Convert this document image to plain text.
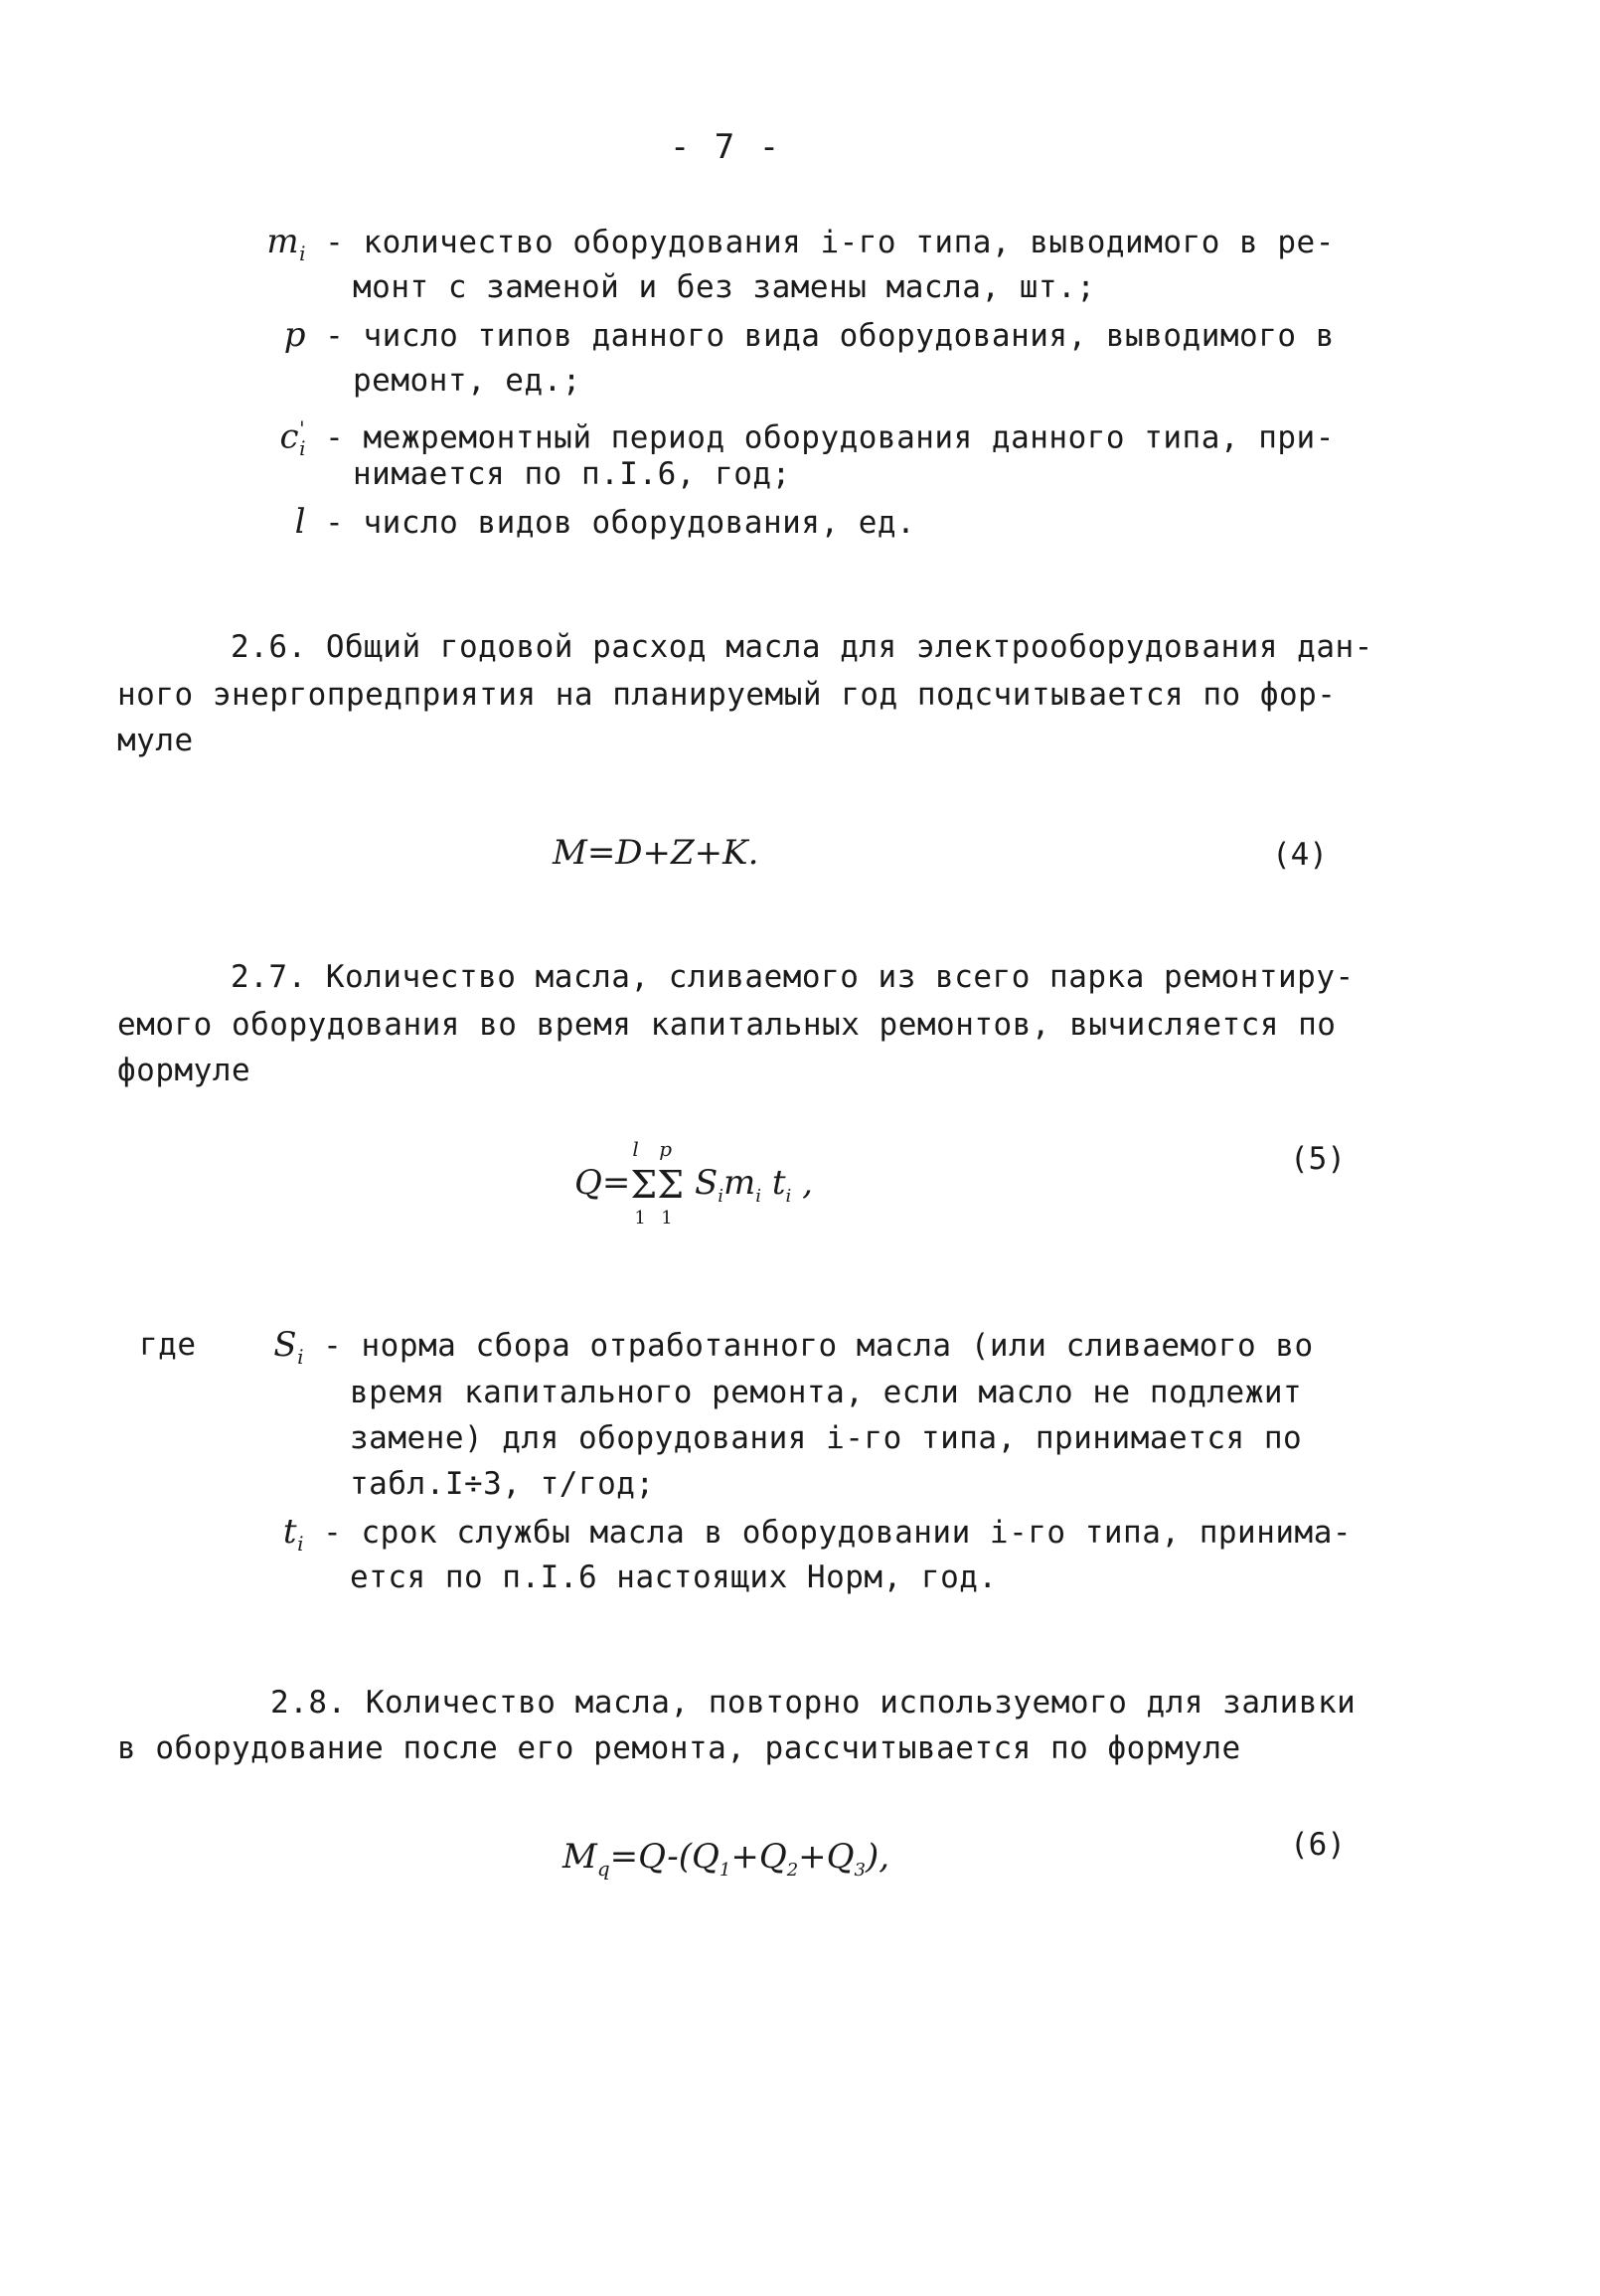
- 7 -
$m_i$ - количество оборудования i-го типа, выводимого в ре-
монт с заменой и без замены масла, шт.;
p - число типов данного вида оборудования, выводимого в
ремонт, ед.;
$c'_i$ - межремонтный период оборудования данного типа, при-
нимается по п.I.6, год;
l - число видов оборудования, ед.
2.6. Общий годовой расход масла для электрооборудования дан-
ного энергопредприятия на планируемый год подсчитывается по фор-
муле
M=D+Z+K.	(4)
2.7. Количество масла, сливаемого из всего парка ремонтиру-
емого оборудования во время капитальных ремонтов, вычисляется по
формуле
Q=
l
Σ
1
p
Σ
1
$S_im_i$ $t_i$ ,
(5)
где	$S_i$ - норма сбора отработанного масла (или сливаемого во
время капитального ремонта, если масло не подлежит
замене) для оборудования i-го типа, принимается по
табл.I÷3, т/год;
$t_i$ - срок службы масла в оборудовании i-го типа, принима-
ется по п.I.6 настоящих Норм, год.
2.8. Количество масла, повторно используемого для заливки
в оборудование после его ремонта, рассчитывается по формуле
$M_q=Q-(Q_1+Q_2+Q_3)$,	(6)
